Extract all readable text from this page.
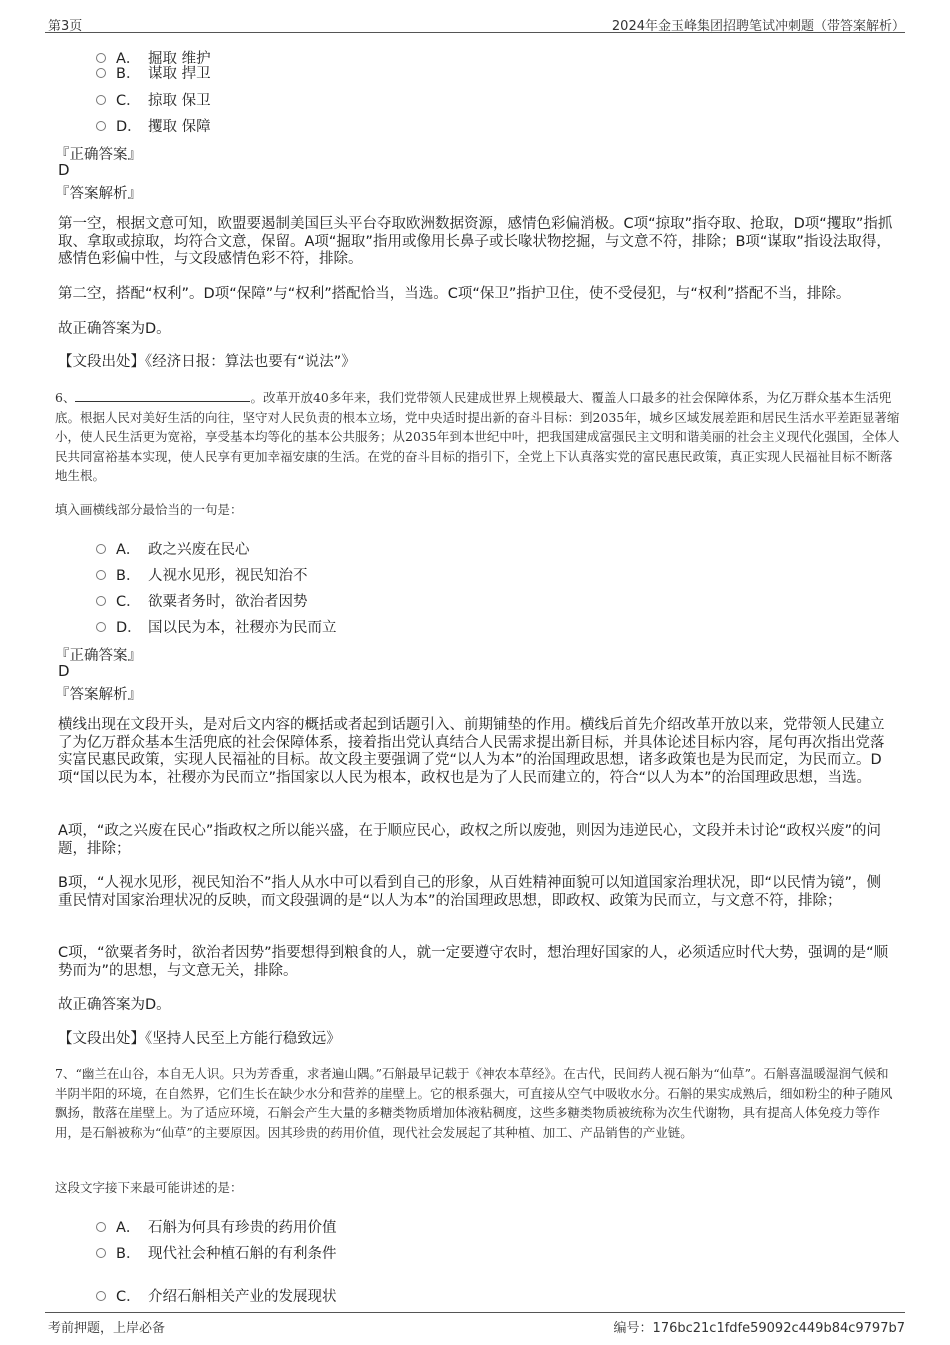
第3页	2024年金玉峰集团招聘笔试冲刺题（带答案解析）
A． 掘取 维护
B． 谋取 捍卫
C． 掠取 保卫
D． 攫取 保障
『正确答案』
D
『答案解析』
第一空，根据文意可知，欧盟要遏制美国巨头平台夺取欧洲数据资源，感情色彩偏消极。C项“掠取”指夺取、抢取，D项“攫取”指抓取、拿取或掠取，均符合文意，保留。A项“掘取”指用或像用长鼻子或长喙状物挖掘，与文意不符，排除；B项“谋取”指设法取得，感情色彩偏中性，与文段感情色彩不符，排除。
第二空，搭配“权利”。D项“保障”与“权利”搭配恰当，当选。C项“保卫”指护卫住，使不受侵犯，与“权利”搭配不当，排除。
故正确答案为D。
【文段出处】《经济日报：算法也要有“说法”》
6、	。改革开放40多年来，我们党带领人民建成世界上规模最大、覆盖人口最多的社会保障体系，为亿万群众基本生活兜底。根据人民对美好生活的向往，坚守对人民负责的根本立场，党中央适时提出新的奋斗目标：到2035年，城乡区域发展差距和居民生活水平差距显著缩小，使人民生活更为宽裕，享受基本均等化的基本公共服务；从2035年到本世纪中叶，把我国建成富强民主文明和谐美丽的社会主义现代化强国，全体人民共同富裕基本实现，使人民享有更加幸福安康的生活。在党的奋斗目标的指引下，全党上下认真落实党的富民惠民政策，真正实现人民福祉目标不断落地生根。
填入画横线部分最恰当的一句是：
A． 政之兴废在民心
B． 人视水见形，视民知治不
C． 欲粟者务时，欲治者因势
D． 国以民为本，社稷亦为民而立
『正确答案』
D
『答案解析』
横线出现在文段开头，是对后文内容的概括或者起到话题引入、前期铺垫的作用。横线后首先介绍改革开放以来，党带领人民建立了为亿万群众基本生活兜底的社会保障体系，接着指出党认真结合人民需求提出新目标，并具体论述目标内容，尾句再次指出党落实富民惠民政策，实现人民福祉的目标。故文段主要强调了党“以人为本”的治国理政思想，诸多政策也是为民而定，为民而立。D项“国以民为本，社稷亦为民而立”指国家以人民为根本，政权也是为了人民而建立的，符合“以人为本”的治国理政思想，当选。
A项，“政之兴废在民心”指政权之所以能兴盛，在于顺应民心，政权之所以废弛，则因为违逆民心，文段并未讨论“政权兴废”的问题，排除；
B项，“人视水见形，视民知治不”指人从水中可以看到自己的形象，从百姓精神面貌可以知道国家治理状况，即“以民情为镜”，侧重民情对国家治理状况的反映，而文段强调的是“以人为本”的治国理政思想，即政权、政策为民而立，与文意不符，排除；
C项，“欲粟者务时，欲治者因势”指要想得到粮食的人，就一定要遵守农时，想治理好国家的人，必须适应时代大势，强调的是“顺势而为”的思想，与文意无关，排除。
故正确答案为D。
【文段出处】《坚持人民至上方能行稳致远》
7、“幽兰在山谷，本自无人识。只为芳香重，求者遍山隅。”石斛最早记载于《神农本草经》。在古代，民间药人视石斛为“仙草”。石斛喜温暖湿润气候和半阴半阳的环境，在自然界，它们生长在缺少水分和营养的崖壁上。它的根系强大，可直接从空气中吸收水分。石斛的果实成熟后，细如粉尘的种子随风飘扬，散落在崖壁上。为了适应环境，石斛会产生大量的多糖类物质增加体液粘稠度，这些多糖类物质被统称为次生代谢物，具有提高人体免疫力等作用，是石斛被称为“仙草”的主要原因。因其珍贵的药用价值，现代社会发展起了其种植、加工、产品销售的产业链。
这段文字接下来最可能讲述的是：
A． 石斛为何具有珍贵的药用价值
B． 现代社会种植石斛的有利条件
C． 介绍石斛相关产业的发展现状
考前押题，上岸必备	编号：176bc21c1fdfe59092c449b84c9797b7
